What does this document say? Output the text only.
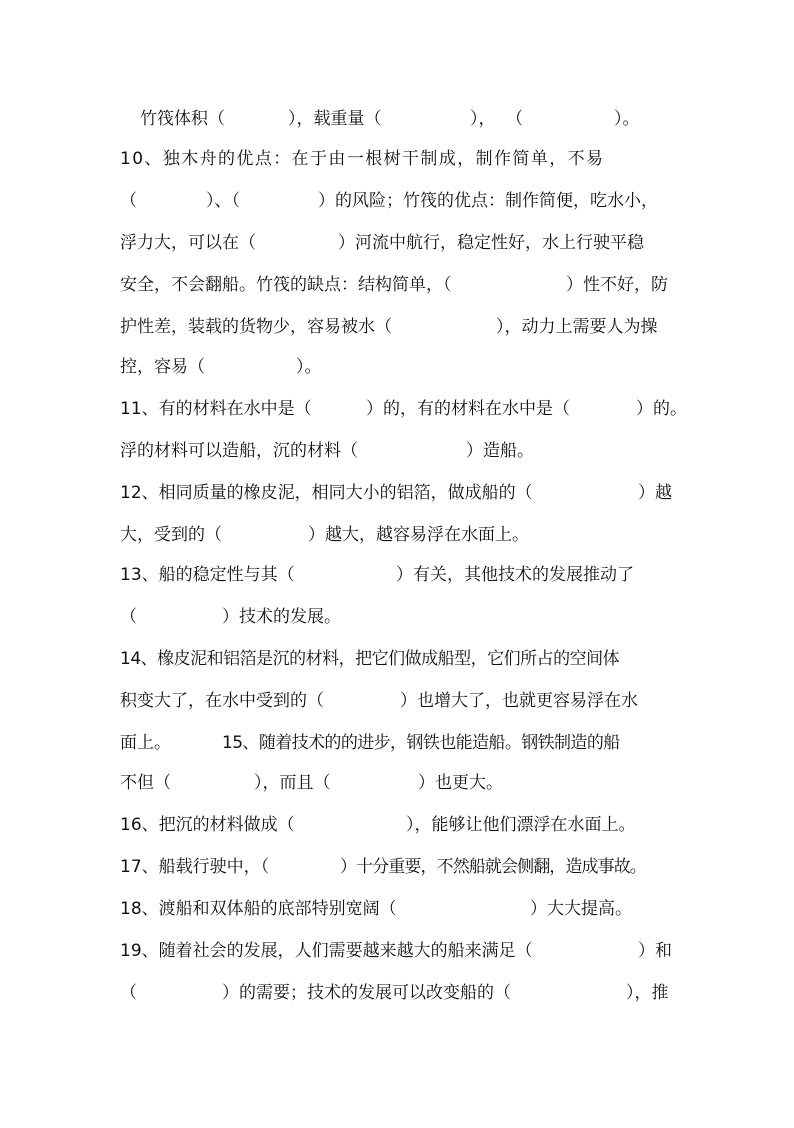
竹筏体积（

	），载重量（

	），

（

	）。

10、独木舟的优点：在于由一根树干制成，制作简单，不易

（

	）、（

	）的风险；竹筏的优点：制作简便，吃水小，

浮力大，可以在（

	）河流中航行，稳定性好，水上行驶平稳

安全，不会翻船。竹筏的缺点：结构简单，（

	）性不好，防

护性差，装载的货物少，容易被水（

	），动力上需要人为操

控，容易（

	）。

11、有的材料在水中是（

	）的，有的材料在水中是（

	）的。

浮的材料可以造船，沉的材料（

	）造船。

12、相同质量的橡皮泥，相同大小的铝箔，做成船的（

	）越

大，受到的（

	）越大，越容易浮在水面上。

13、船的稳定性与其（

	）有关，其他技术的发展推动了

（

	）技术的发展。

14、橡皮泥和铝箔是沉的材料，把它们做成船型，它们所占的空间体

积变大了，在水中受到的（

	）也增大了，也就更容易浮在水

面上。

	15、随着技术的的进步，钢铁也能造船。钢铁制造的船

不但（

	），而且（

	）也更大。

16、把沉的材料做成（

	），能够让他们漂浮在水面上。

17、船载行驶中，（

	）十分重要，不然船就会侧翻，造成事故。

18、渡船和双体船的底部特别宽阔（

	）大大提高。

19、随着社会的发展，人们需要越来越大的船来满足（

	）和

（

	）的需要；技术的发展可以改变船的（

	），推
